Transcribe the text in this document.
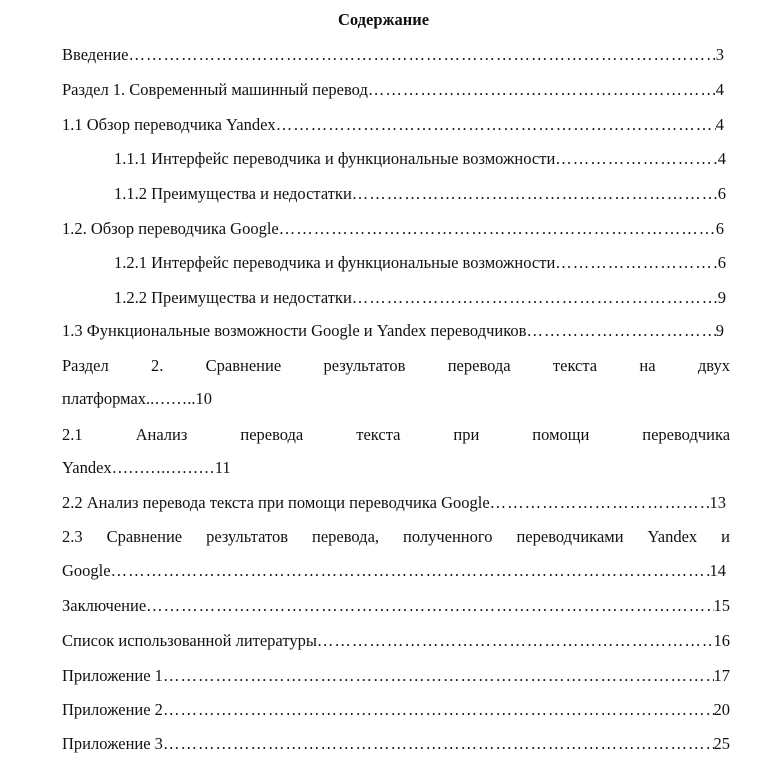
Содержание
Введение ………………………………………………………………………………………………………………………………………………………………………………………………………………	3
Раздел 1. Современный машинный перевод ………………………………………………………………………………………………………………………………………………………………………………………………………………	4
1.1 Обзор переводчика Yandex ………………………………………………………………………………………………………………………………………………………………………………………………………………	4
1.1.1 Интерфейс переводчика и функциональные возможности ………………………………………………………………………………………………………………………………………………………………………………………………………………	4
1.1.2 Преимущества и недостатки ………………………………………………………………………………………………………………………………………………………………………………………………………………	6
1.2. Обзор переводчика Google ………………………………………………………………………………………………………………………………………………………………………………………………………………	6
1.2.1 Интерфейс переводчика и функциональные возможности ………………………………………………………………………………………………………………………………………………………………………………………………………………	6
1.2.2 Преимущества и недостатки ………………………………………………………………………………………………………………………………………………………………………………………………………………	9
1.3 Функциональные возможности Google и Yandex переводчиков ………………………………………………………………………………………………………………………………………………………………………………………………………………	9
Раздел	2.	Сравнение	результатов	перевода	текста	на	двух
платформах..……..10
2.1	Анализ	перевода	текста	при	помощи	переводчика
Yandex……….………11
2.2 Анализ перевода текста при помощи переводчика Google ………………………………………………………………………………………………………………………………………………………………………………………………………………	13
2.3 Сравнение результатов перевода, полученного переводчиками Yandex и
Google ………………………………………………………………………………………………………………………………………………………………………………………………………………	14
Заключение ………………………………………………………………………………………………………………………………………………………………………………………………………………	15
Список использованной литературы ………………………………………………………………………………………………………………………………………………………………………………………………………………	16
Приложение 1 ………………………………………………………………………………………………………………………………………………………………………………………………………………	17
Приложение 2 ………………………………………………………………………………………………………………………………………………………………………………………………………………	20
Приложение 3 ………………………………………………………………………………………………………………………………………………………………………………………………………………	25
